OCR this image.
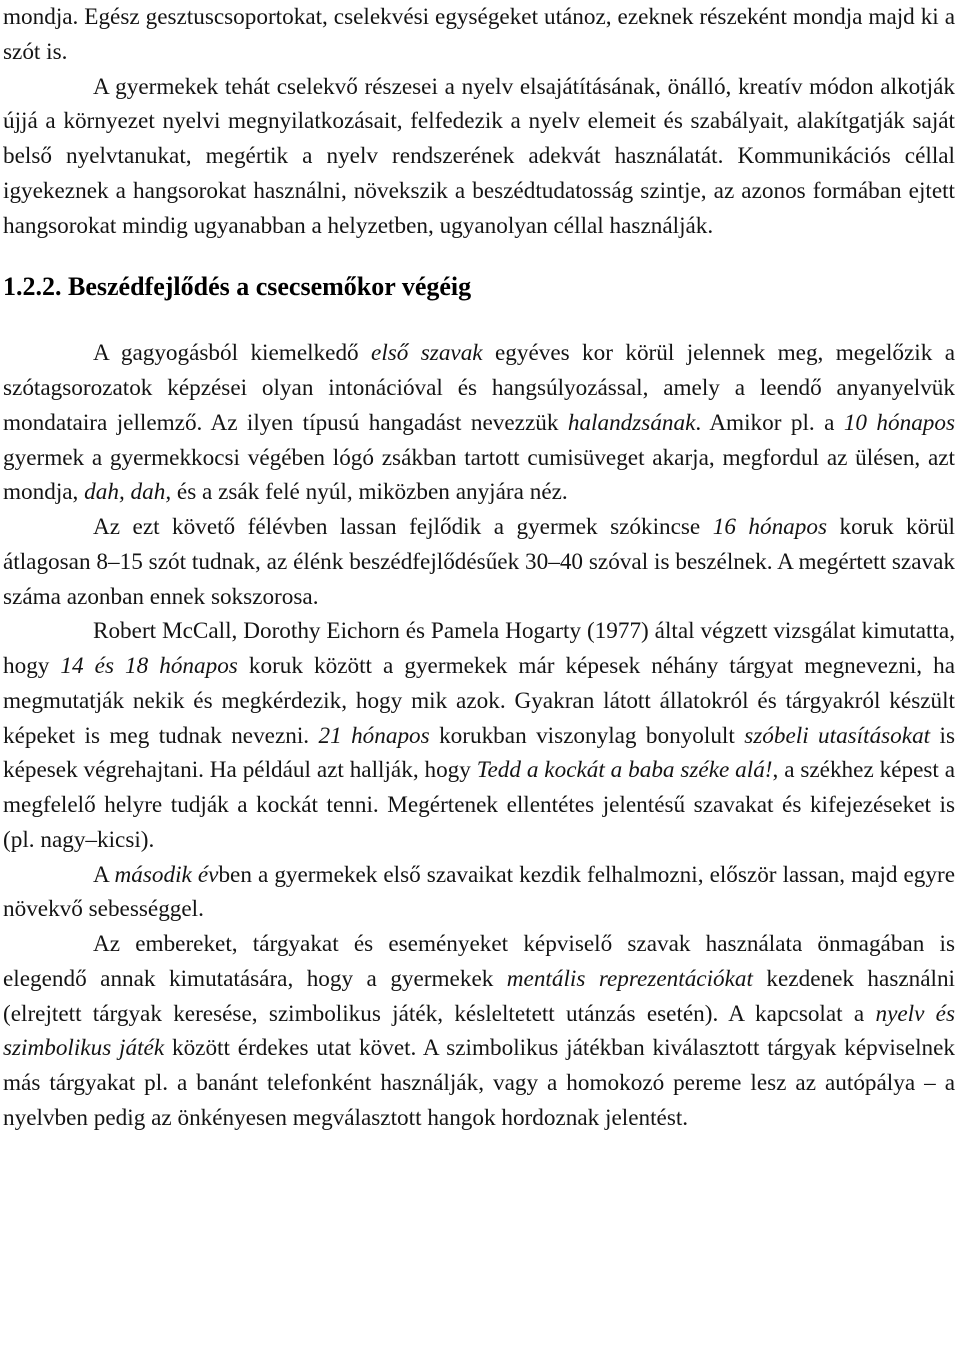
mondja. Egész gesztuscsoportokat, cselekvési egységeket utánoz, ezeknek részeként mondja majd ki a szót is.

A gyermekek tehát cselekvő részesei a nyelv elsajátításának, önálló, kreatív módon alkotják újjá a környezet nyelvi megnyilatkozásait, felfedezik a nyelv elemeit és szabályait, alakítgatják saját belső nyelvtanukat, megértik a nyelv rendszerének adekvát használatát. Kommunikációs céllal igyekeznek a hangsorokat használni, növekszik a beszédtudatosság szintje, az azonos formában ejtett hangsorokat mindig ugyanabban a helyzetben, ugyanolyan céllal használják.

1.2.2. Beszédfejlődés a csecsemőkor végéig

A gagyogásból kiemelkedő első szavak egyéves kor körül jelennek meg, megelőzik a szótagsorozatok képzései olyan intonációval és hangsúlyozással, amely a leendő anyanyelvük mondataira jellemző. Az ilyen típusú hangadást nevezzük halandzsának. Amikor pl. a 10 hónapos gyermek a gyermekkocsi végében lógó zsákban tartott cumisüveget akarja, megfordul az ülésen, azt mondja, dah, dah, és a zsák felé nyúl, miközben anyjára néz.

Az ezt követő félévben lassan fejlődik a gyermek szókincse 16 hónapos koruk körül átlagosan 8–15 szót tudnak, az élénk beszédfejlődésűek 30–40 szóval is beszélnek. A megértett szavak száma azonban ennek sokszorosa.

Robert McCall, Dorothy Eichorn és Pamela Hogarty (1977) által végzett vizsgálat kimutatta, hogy 14 és 18 hónapos koruk között a gyermekek már képesek néhány tárgyat megnevezni, ha megmutatják nekik és megkérdezik, hogy mik azok. Gyakran látott állatokról és tárgyakról készült képeket is meg tudnak nevezni. 21 hónapos korukban viszonylag bonyolult szóbeli utasításokat is képesek végrehajtani. Ha például azt hallják, hogy Tedd a kockát a baba széke alá!, a székhez képest a megfelelő helyre tudják a kockát tenni. Megértenek ellentétes jelentésű szavakat és kifejezéseket is (pl. nagy–kicsi).

A második évben a gyermekek első szavaikat kezdik felhalmozni, először lassan, majd egyre növekvő sebességgel.

Az embereket, tárgyakat és eseményeket képviselő szavak használata önmagában is elegendő annak kimutatására, hogy a gyermekek mentális reprezentációkat kezdenek használni (elrejtett tárgyak keresése, szimbolikus játék, késleltetett utánzás esetén). A kapcsolat a nyelv és szimbolikus játék között érdekes utat követ. A szimbolikus játékban kiválasztott tárgyak képviselnek más tárgyakat pl. a banánt telefonként használják, vagy a homokozó pereme lesz az autópálya – a nyelvben pedig az önkényesen megválasztott hangok hordoznak jelentést.
